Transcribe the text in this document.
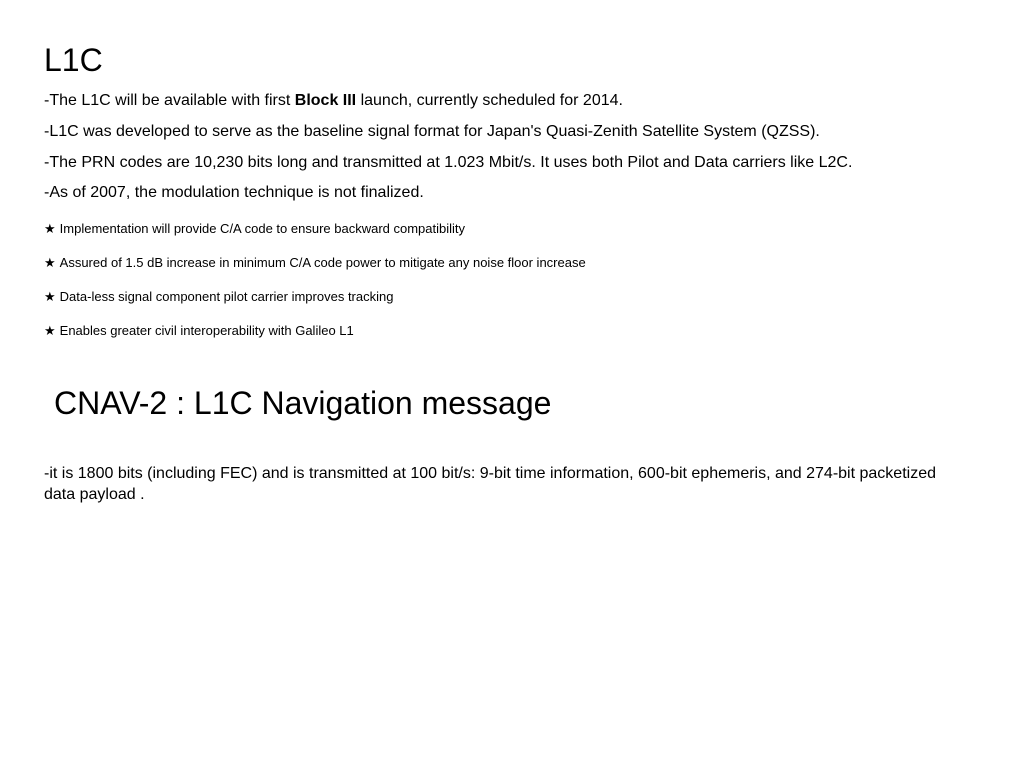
L1C

-The L1C will be available with first Block III launch, currently scheduled for 2014.

-L1C was developed to serve as the baseline signal format for Japan's Quasi-Zenith Satellite System (QZSS).

-The PRN codes are 10,230 bits long and transmitted at 1.023 Mbit/s. It uses both Pilot and Data carriers like L2C.

-As of 2007, the modulation technique is not finalized.

★ Implementation will provide C/A code to ensure backward compatibility

★ Assured of 1.5 dB increase in minimum C/A code power to mitigate any noise floor increase

★ Data-less signal component pilot carrier improves tracking

★ Enables greater civil interoperability with Galileo L1

CNAV-2 : L1C Navigation message

-it is 1800 bits (including FEC) and is transmitted at 100 bit/s: 9-bit time information, 600-bit ephemeris, and 274-bit packetized data payload .
